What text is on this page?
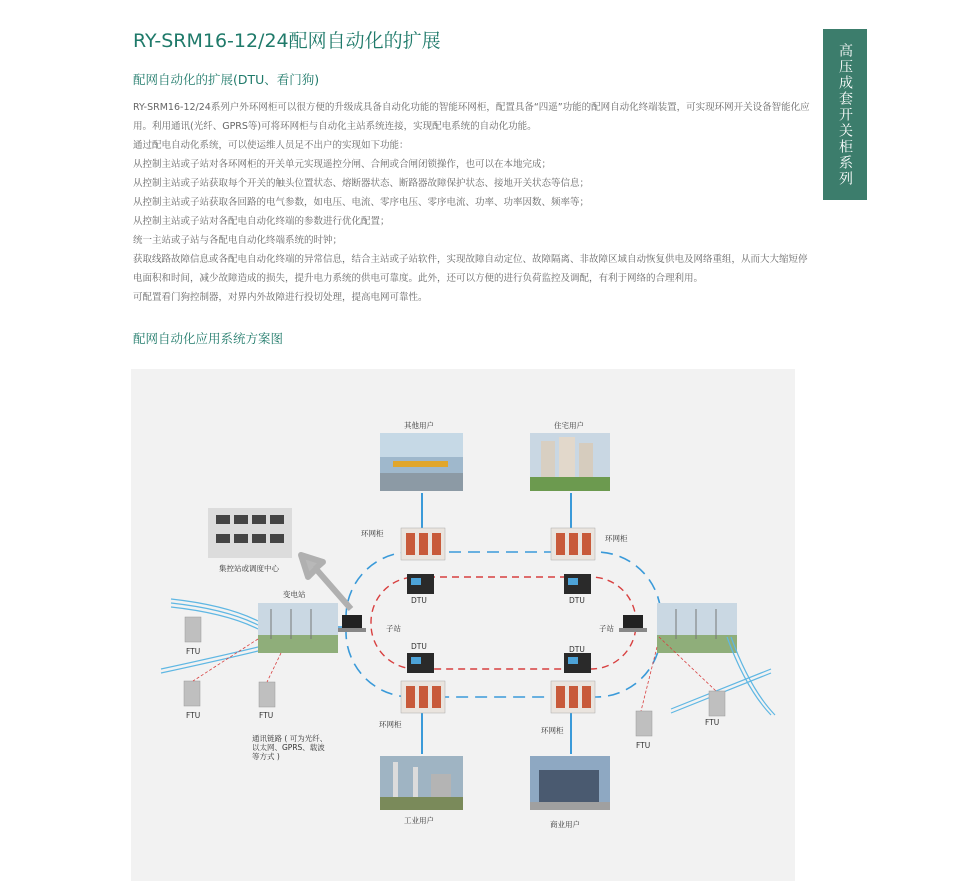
RY-SRM16-12/24配网自动化的扩展
高压成套开关柜系列
配网自动化的扩展(DTU、看门狗)

RY-SRM16-12/24系列户外环网柜可以很方便的升级成具备自动化功能的智能环网柜，配置具备“四遥”功能的配网自动化终端装置，可实现环网开关设备智能化应用。利用通讯(光纤、GPRS等)可将环网柜与自动化主站系统连接，实现配电系统的自动化功能。

通过配电自动化系统，可以使运维人员足不出户的实现如下功能：

从控制主站或子站对各环网柜的开关单元实现遥控分闸、合闸或合闸闭锁操作，也可以在本地完成；

从控制主站或子站获取每个开关的触头位置状态、熔断器状态、断路器故障保护状态、接地开关状态等信息；

从控制主站或子站获取各回路的电气参数，如电压、电流、零序电压、零序电流、功率、功率因数、频率等；

从控制主站或子站对各配电自动化终端的参数进行优化配置；

统一主站或子站与各配电自动化终端系统的时钟；

获取线路故障信息或各配电自动化终端的异常信息，结合主站或子站软件，实现故障自动定位、故障隔离、非故障区域自动恢复供电及网络重组，从而大大缩短停电面积和时间，减少故障造成的损失，提升电力系统的供电可靠度。此外，还可以方便的进行负荷监控及调配，有利于网络的合理利用。

可配置看门狗控制器，对界内外故障进行投切处理，提高电网可靠性。

配网自动化应用系统方案图
其他用户	住宅用户
环网柜
环网柜
DTU	DTU
集控站或调度中心
变电站
子站
FTU
FTU	FTU
通讯链路 ( 可为光纤、
以太网、GPRS、载波
等方式 )
子站
FTU
FTU
DTU	DTU
环网柜
环网柜
工业用户	商业用户
